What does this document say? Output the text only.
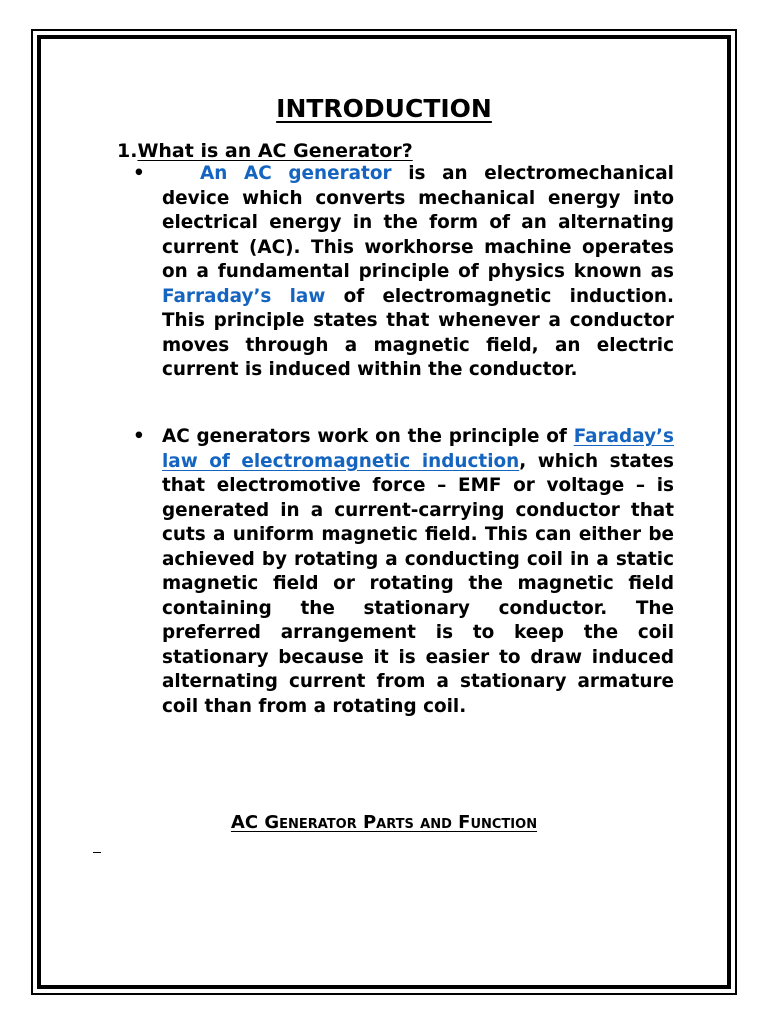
INTRODUCTION
1.What is an AC Generator?
•	An AC generator is an electromechanical device which converts mechanical energy into electrical energy in the form of an alternating current (AC). This workhorse machine operates on a fundamental principle of physics known as Farraday’s law of electromagnetic induction. This principle states that whenever a conductor moves through a magnetic field, an electric current is induced within the conductor.
• AC generators work on the principle of Faraday’s law of electromagnetic induction, which states that electromotive force – EMF or voltage – is generated in a current-carrying conductor that cuts a uniform magnetic field. This can either be achieved by rotating a conducting coil in a static magnetic field or rotating the magnetic field containing the stationary conductor. The preferred arrangement is to keep the coil stationary because it is easier to draw induced alternating current from a stationary armature coil than from a rotating coil.
AC Generator Parts and Function
